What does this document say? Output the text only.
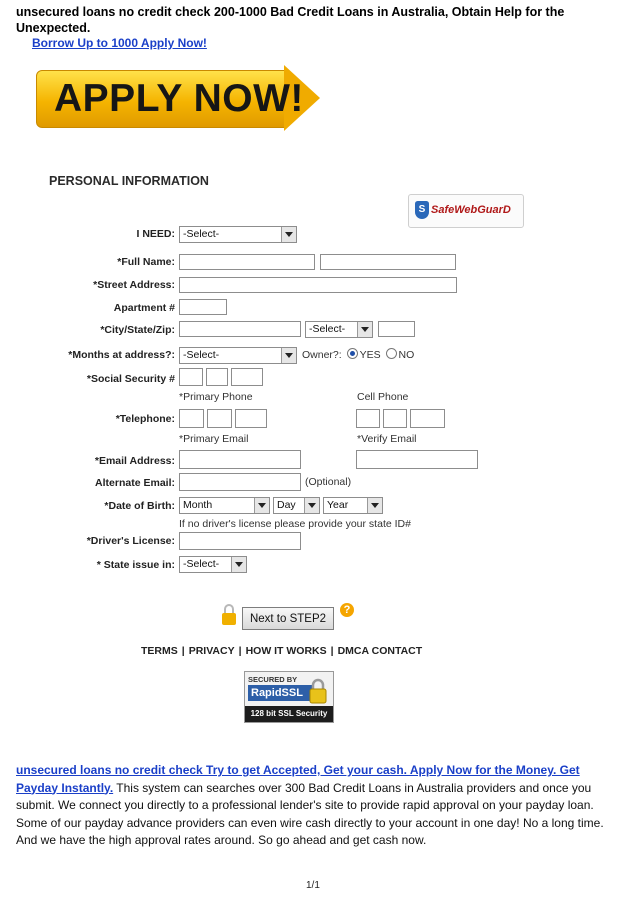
unsecured loans no credit check 200-1000 Bad Credit Loans in Australia, Obtain Help for the Unexpected.
Borrow Up to 1000 Apply Now!
APPLY NOW!
PERSONAL INFORMATION
S SafeWebGuarD
I NEED: -Select-
*Full Name:
*Street Address:
Apartment #
*City/State/Zip:	-Select-
*Months at address?: -Select-	Owner?: YES NO
*Social Security #
*Primary Phone	Cell Phone
*Telephone:
*Primary Email	*Verify Email
*Email Address:
Alternate Email:	(Optional)
*Date of Birth: Month	Day	Year
If no driver's license please provide your state ID#
*Driver's License:
* State issue in: -Select-
Next to STEP2
?
TERMS | PRIVACY | HOW IT WORKS | DMCA CONTACT
SECURED BY
RapidSSL
128 bit SSL Security
unsecured loans no credit check Try to get Accepted, Get your cash. Apply Now for the Money. Get Payday Instantly. This system can searches over 300 Bad Credit Loans in Australia providers and once you submit. We connect you directly to a professional lender's site to provide rapid approval on your payday loan. Some of our payday advance providers can even wire cash directly to your account in one day! No a long time. And we have the high approval rates around. So go ahead and get cash now.
1/1
